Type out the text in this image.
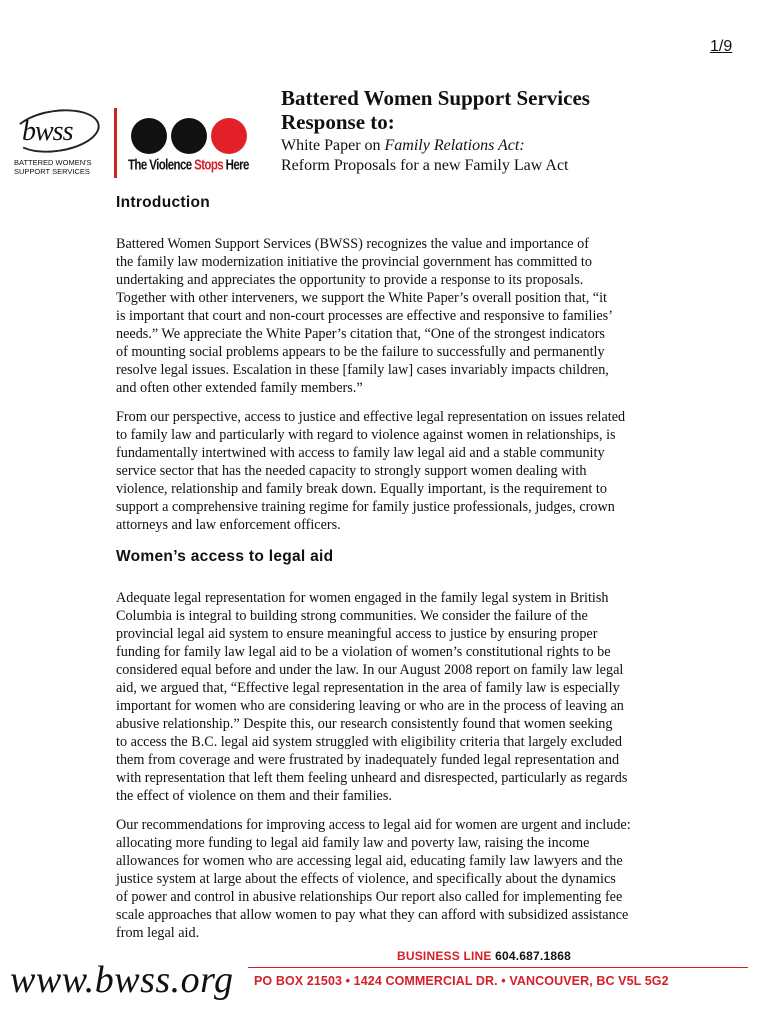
1/9
bwss
BATTERED WOMEN'S
SUPPORT SERVICES	The Violence Stops Here
Battered Women Support Services
Response to:
White Paper on Family Relations Act:
Reform Proposals for a new Family Law Act
Introduction
Battered Women Support Services (BWSS) recognizes the value and importance of
the family law modernization initiative the provincial government has committed to
undertaking and appreciates the opportunity to provide a response to its proposals.
Together with other interveners, we support the White Paper’s overall position that, “it
is important that court and non-court processes are effective and responsive to families’
needs.” We appreciate the White Paper’s citation that, “One of the strongest indicators
of mounting social problems appears to be the failure to successfully and permanently
resolve legal issues. Escalation in these [family law] cases invariably impacts children,
and often other extended family members.”
From our perspective, access to justice and effective legal representation on issues related
to family law and particularly with regard to violence against women in relationships, is
fundamentally intertwined with access to family law legal aid and a stable community
service sector that has the needed capacity to strongly support women dealing with
violence, relationship and family break down. Equally important, is the requirement to
support a comprehensive training regime for family justice professionals, judges, crown
attorneys and law enforcement officers.
Women’s access to legal aid
Adequate legal representation for women engaged in the family legal system in British
Columbia is integral to building strong communities. We consider the failure of the
provincial legal aid system to ensure meaningful access to justice by ensuring proper
funding for family law legal aid to be a violation of women’s constitutional rights to be
considered equal before and under the law. In our August 2008 report on family law legal
aid, we argued that, “Effective legal representation in the area of family law is especially
important for women who are considering leaving or who are in the process of leaving an
abusive relationship.” Despite this, our research consistently found that women seeking
to access the B.C. legal aid system struggled with eligibility criteria that largely excluded
them from coverage and were frustrated by inadequately funded legal representation and
with representation that left them feeling unheard and disrespected, particularly as regards
the effect of violence on them and their families.
Our recommendations for improving access to legal aid for women are urgent and include:
allocating more funding to legal aid family law and poverty law, raising the income
allowances for women who are accessing legal aid, educating family law lawyers and the
justice system at large about the effects of violence, and specifically about the dynamics
of power and control in abusive relationships Our report also called for implementing fee
scale approaches that allow women to pay what they can afford with subsidized assistance
from legal aid.
BUSINESS LINE 604.687.1868
www.bwss.org PO BOX 21503 • 1424 COMMERCIAL DR. • VANCOUVER, BC V5L 5G2
